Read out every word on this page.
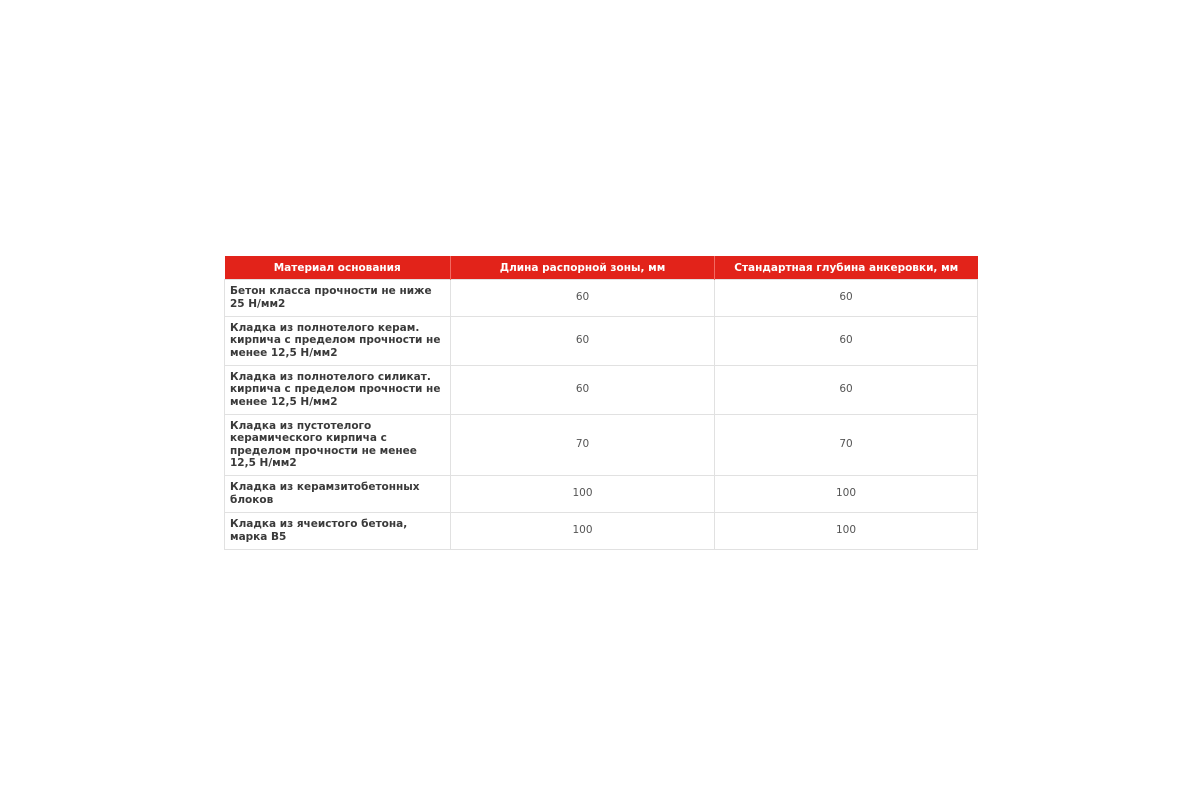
Материал основания	Длина распорной зоны, мм	Стандартная глубина анкеровки, мм
Бетон класса прочности не ниже 25 Н/мм2	60	60
Кладка из полнотелого керам. кирпича с пределом прочности не менее 12,5 Н/мм2	60	60
Кладка из полнотелого силикат. кирпича с пределом прочности не менее 12,5 Н/мм2	60	60
Кладка из пустотелого керамического кирпича с пределом прочности не менее 12,5 Н/мм2	70	70
Кладка из керамзитобетонных блоков	100	100
Кладка из ячеистого бетона, марка В5	100	100
